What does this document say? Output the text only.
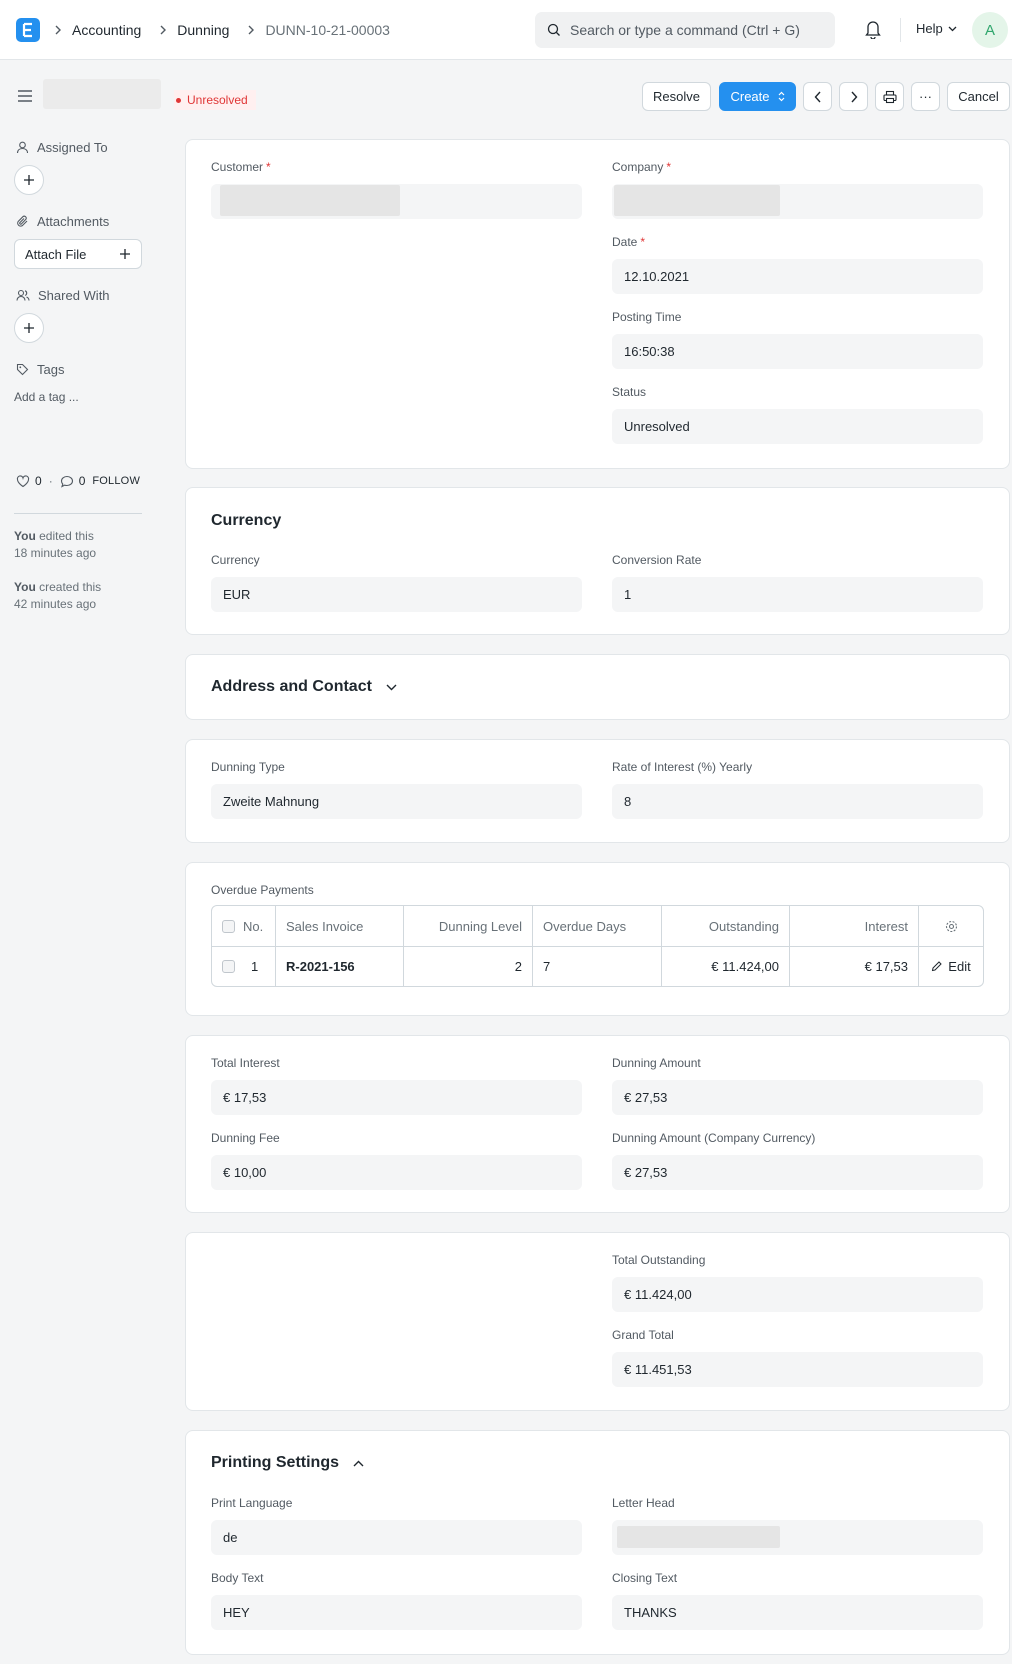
Accounting	Dunning	DUNN-10-21-00003	Search or type a command (Ctrl + G)	Help	A
Unresolved	Resolve	Create	···	Cancel
Assigned To
Attachments
Attach File
Shared With
Tags
Add a tag ...
0 · 0 FOLLOW
You edited this
18 minutes ago
You created this
42 minutes ago
Customer *	Company *
Date *
12.10.2021
Posting Time
16:50:38
Status
Unresolved
Currency
Currency
EUR
Conversion Rate
1
Address and Contact
Dunning Type
Zweite Mahnung
Rate of Interest (%) Yearly
8
Overdue Payments
No.	Sales Invoice	Dunning Level	Overdue Days	Outstanding	Interest
1	R-2021-156	2	7	€ 11.424,00	€ 17,53	Edit
Total Interest
€ 17,53
Dunning Amount
€ 27,53
Dunning Fee
€ 10,00
Dunning Amount (Company Currency)
€ 27,53
Total Outstanding
€ 11.424,00
Grand Total
€ 11.451,53
Printing Settings
Print Language
de
Letter Head
Body Text
HEY
Closing Text
THANKS
